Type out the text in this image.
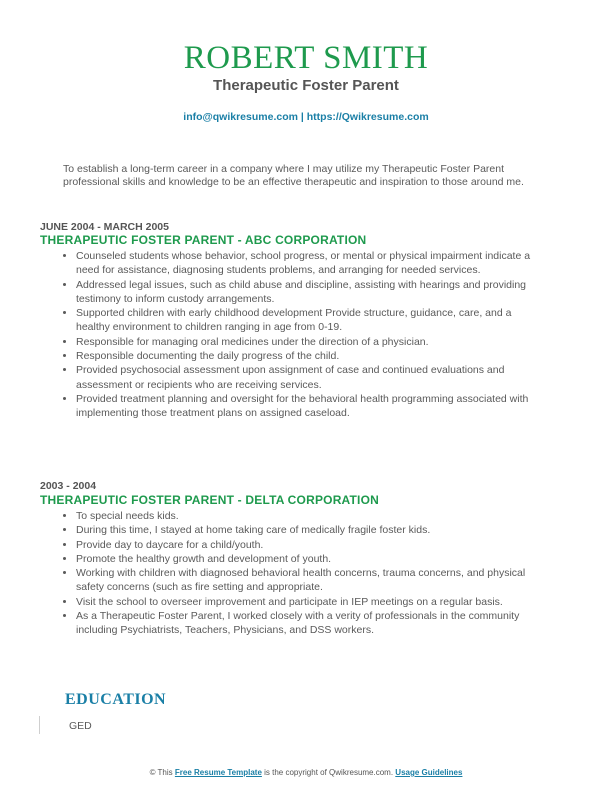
ROBERT SMITH
Therapeutic Foster Parent
info@qwikresume.com | https://Qwikresume.com
To establish a long-term career in a company where I may utilize my Therapeutic Foster Parent professional skills and knowledge to be an effective therapeutic and inspiration to those around me.
JUNE 2004 - MARCH 2005
THERAPEUTIC FOSTER PARENT - ABC CORPORATION
• Counseled students whose behavior, school progress, or mental or physical impairment indicate a need for assistance, diagnosing students problems, and arranging for needed services.
• Addressed legal issues, such as child abuse and discipline, assisting with hearings and providing testimony to inform custody arrangements.
• Supported children with early childhood development Provide structure, guidance, care, and a healthy environment to children ranging in age from 0-19.
• Responsible for managing oral medicines under the direction of a physician.
• Responsible documenting the daily progress of the child.
• Provided psychosocial assessment upon assignment of case and continued evaluations and assessment or recipients who are receiving services.
• Provided treatment planning and oversight for the behavioral health programming associated with implementing those treatment plans on assigned caseload.
2003 - 2004
THERAPEUTIC FOSTER PARENT - DELTA CORPORATION
• To special needs kids.
• During this time, I stayed at home taking care of medically fragile foster kids.
• Provide day to daycare for a child/youth.
• Promote the healthy growth and development of youth.
• Working with children with diagnosed behavioral health concerns, trauma concerns, and physical safety concerns (such as fire setting and appropriate.
• Visit the school to overseer improvement and participate in IEP meetings on a regular basis.
• As a Therapeutic Foster Parent, I worked closely with a verity of professionals in the community including Psychiatrists, Teachers, Physicians, and DSS workers.
EDUCATION
GED
© This Free Resume Template is the copyright of Qwikresume.com. Usage Guidelines
